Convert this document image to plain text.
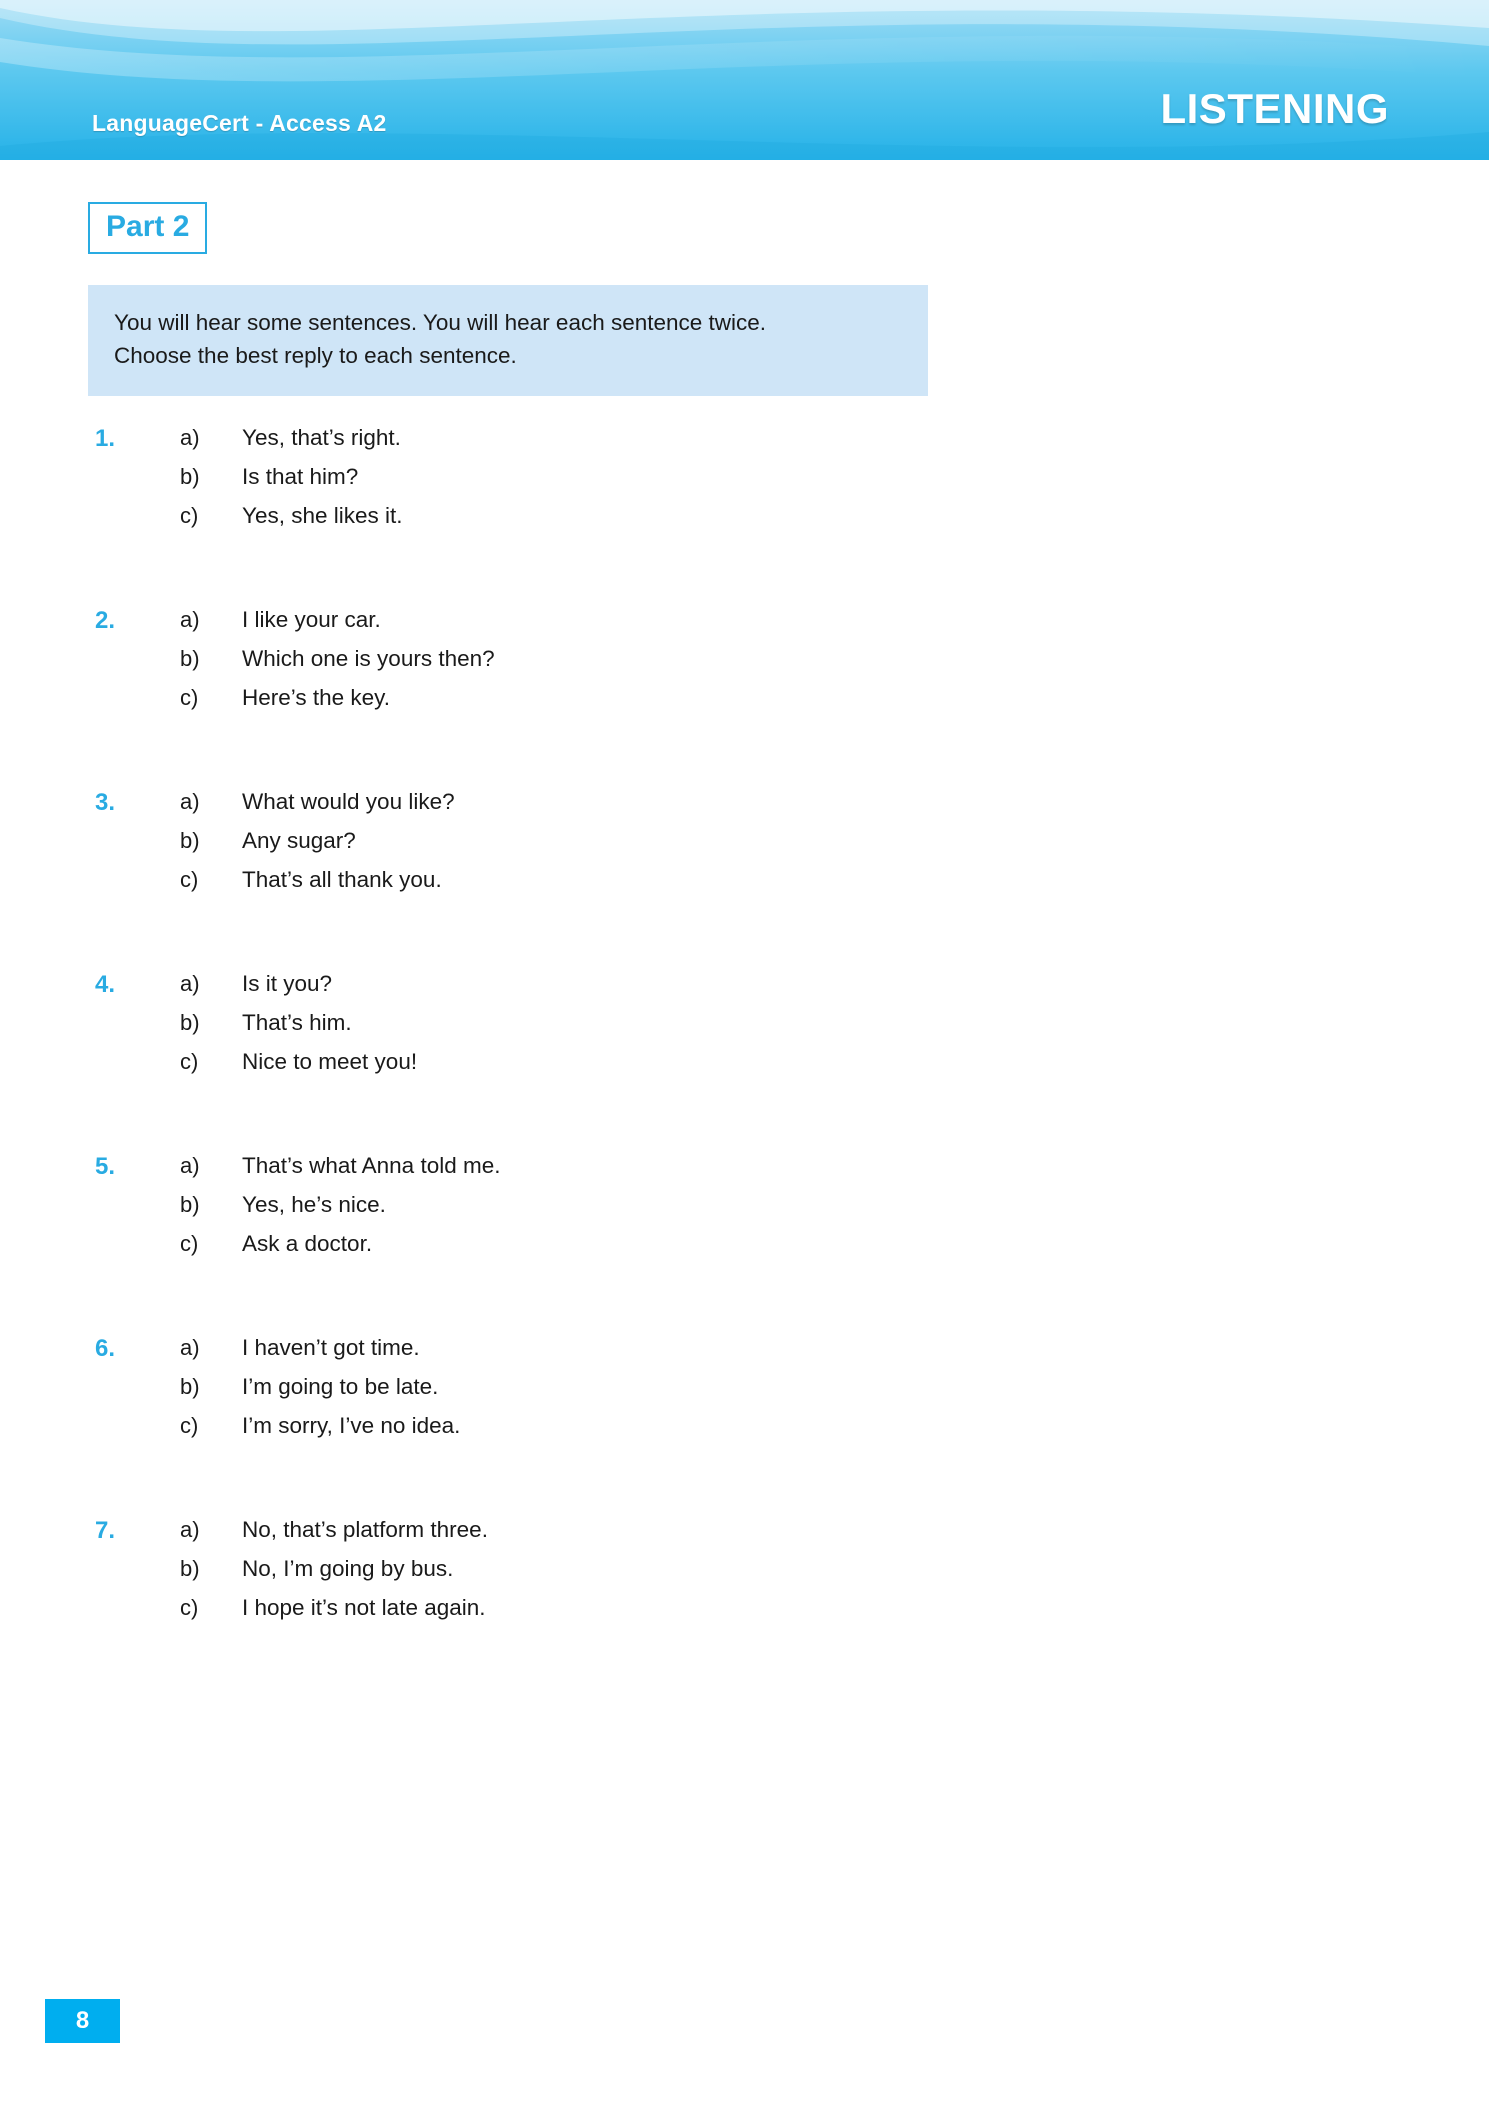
LanguageCert - Access A2	LISTENING
Part 2
You will hear some sentences. You will hear each sentence twice.
Choose the best reply to each sentence.
1.	a)	Yes, that’s right.
b)	Is that him?
c)	Yes, she likes it.
2.	a)	I like your car.
b)	Which one is yours then?
c)	Here’s the key.
3.	a)	What would you like?
b)	Any sugar?
c)	That’s all thank you.
4.	a)	Is it you?
b)	That’s him.
c)	Nice to meet you!
5.	a)	That’s what Anna told me.
b)	Yes, he’s nice.
c)	Ask a doctor.
6.	a)	I haven’t got time.
b)	I’m going to be late.
c)	I’m sorry, I’ve no idea.
7.	a)	No, that’s platform three.
b)	No, I’m going by bus.
c)	I hope it’s not late again.
8
